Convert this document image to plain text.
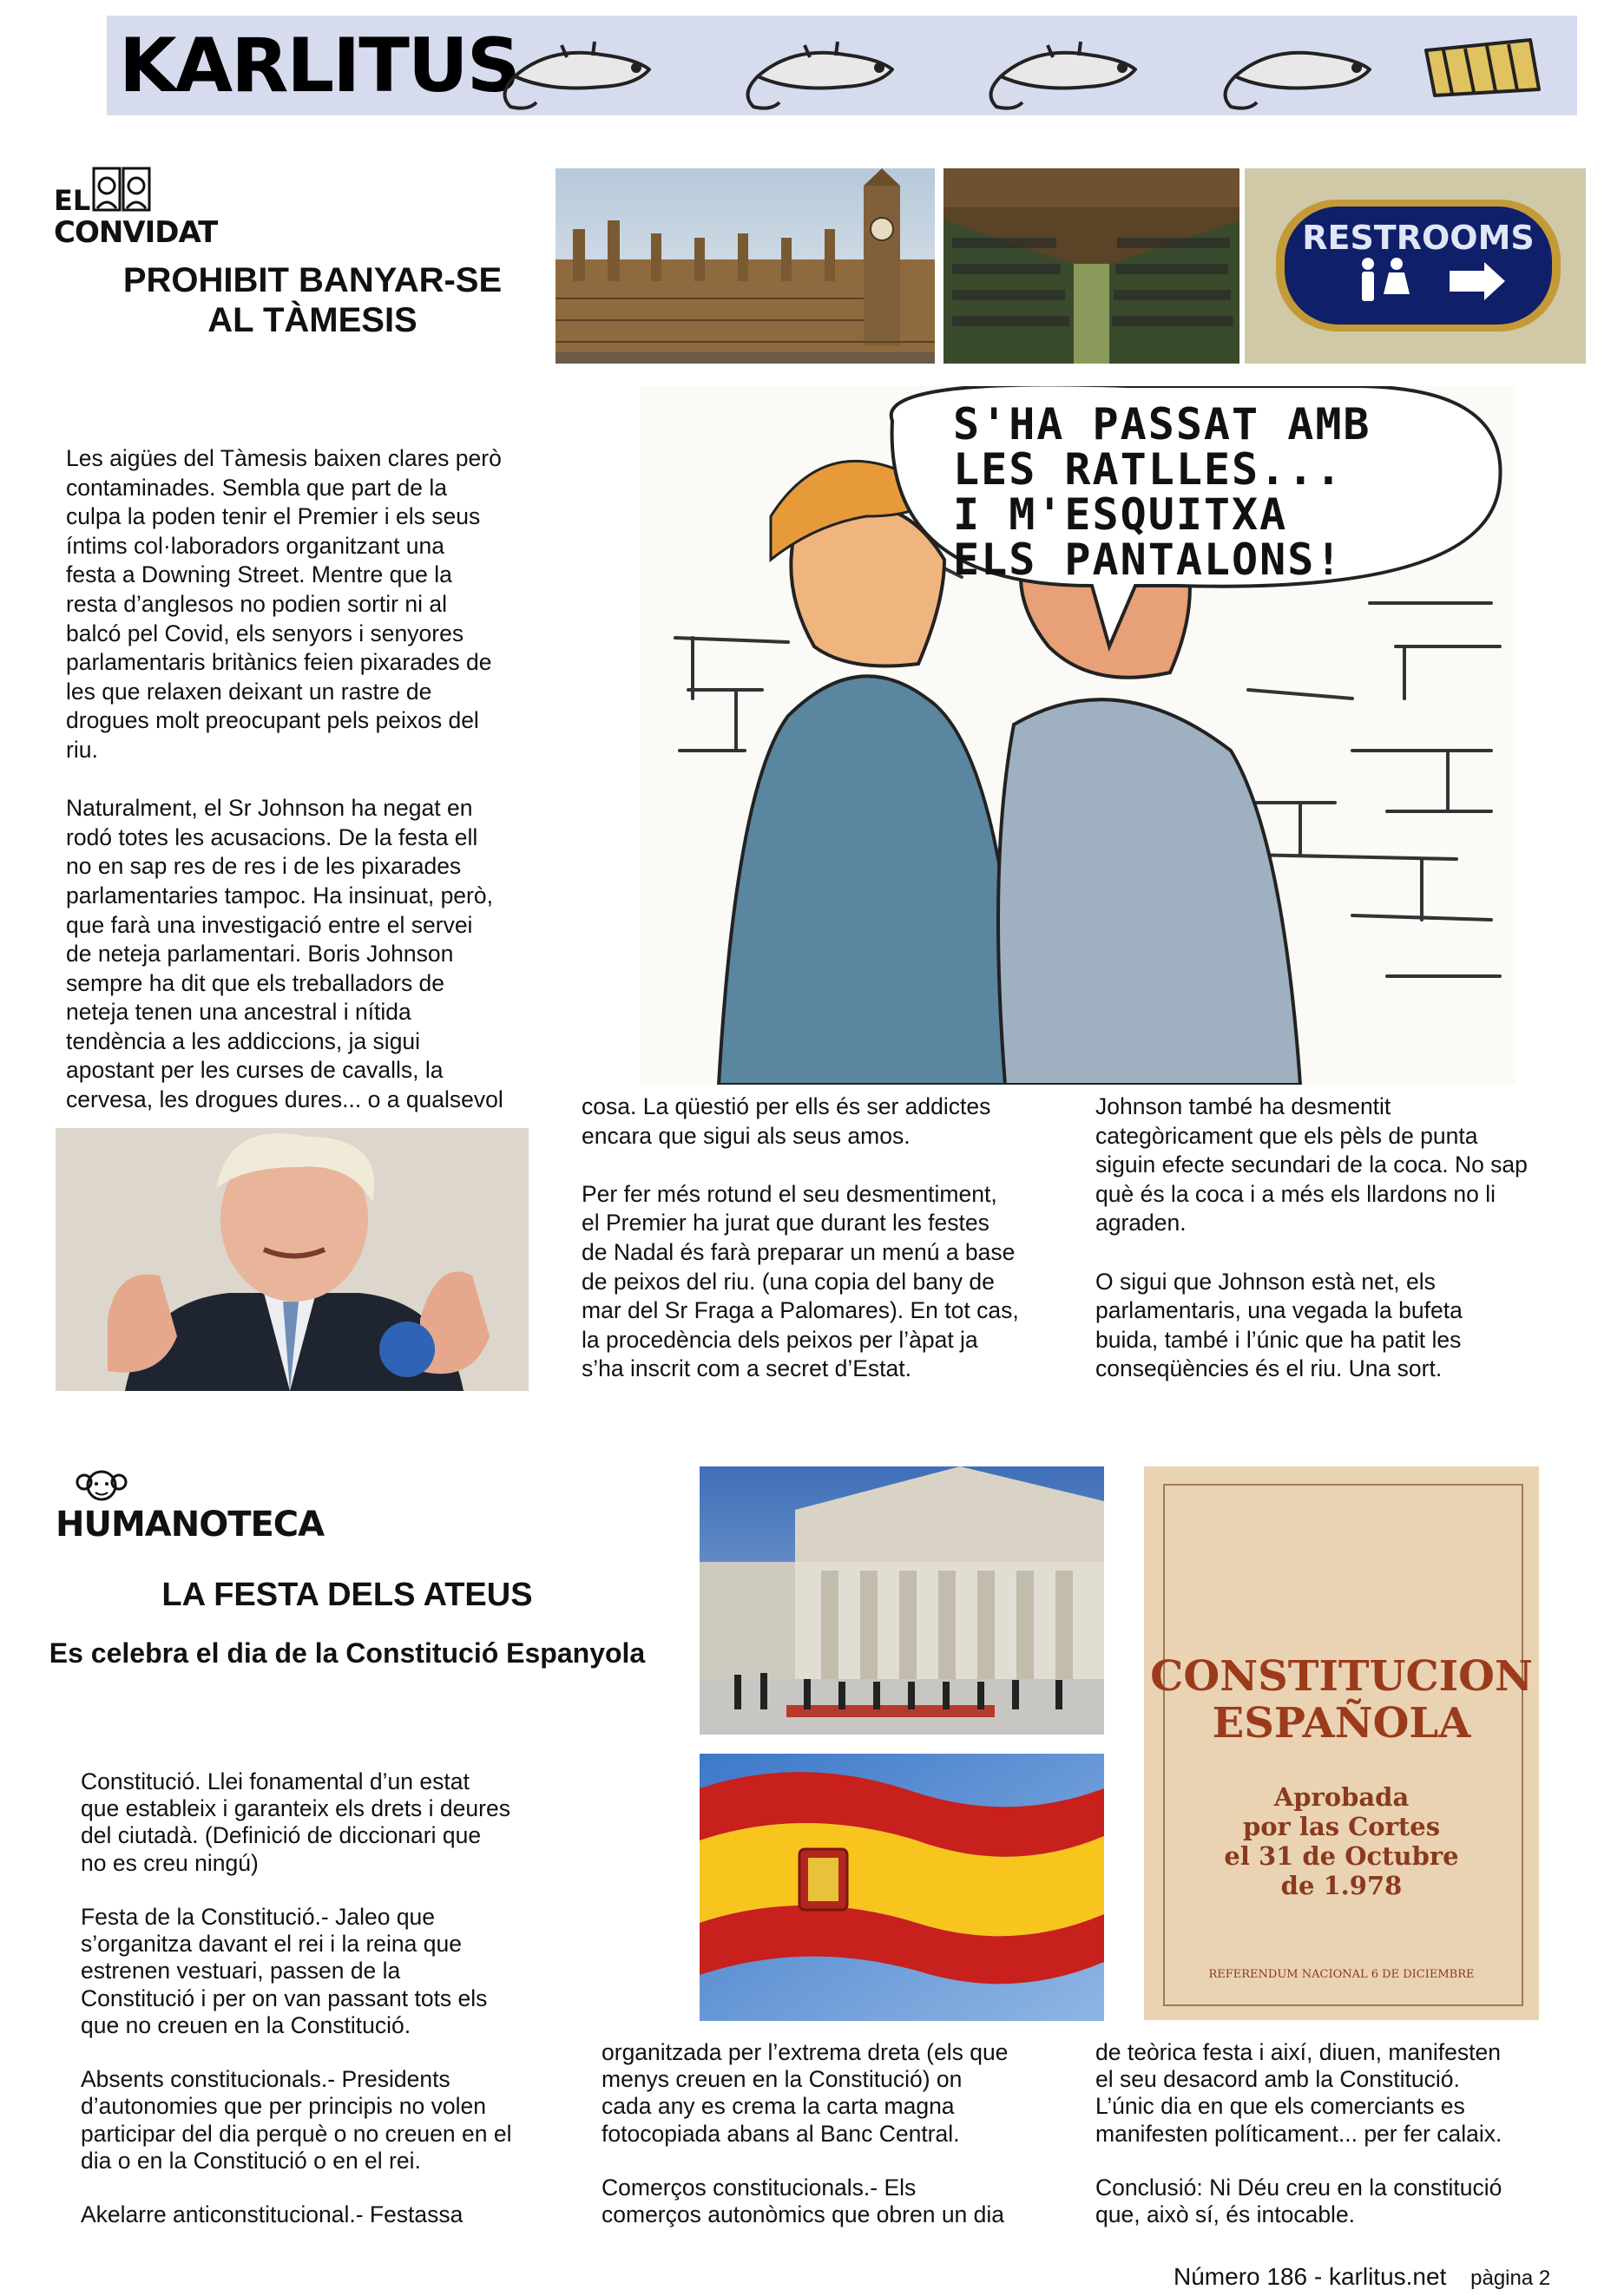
KARLITUS
EL
CONVIDAT
PROHIBIT BANYAR-SE
AL TÀMESIS
RESTROOMS
S'HA PASSAT AMB
LES RATLLES...
I M'ESQUITXA
ELS PANTALONS!
Les aigües del Tàmesis baixen clares però
contaminades. Sembla que part de la
culpa la poden tenir el Premier i els seus
íntims col·laboradors organitzant una
festa a Downing Street. Mentre que la
resta d’anglesos no podien sortir ni al
balcó pel Covid, els senyors i senyores
parlamentaris britànics feien pixarades de
les que relaxen deixant un rastre de
drogues molt preocupant pels peixos del
riu.

Naturalment, el Sr Johnson ha negat en
rodó totes les acusacions. De la festa ell
no en sap res de res i de les pixarades
parlamentaries tampoc. Ha insinuat, però,
que farà una investigació entre el servei
de neteja parlamentari. Boris Johnson
sempre ha dit que els treballadors de
neteja tenen una ancestral i nítida
tendència a les addiccions, ja sigui
apostant per les curses de cavalls, la
cervesa, les drogues dures... o a qualsevol	cosa. La qüestió per ells és ser addictes
encara que sigui als seus amos.

Per fer més rotund el seu desmentiment,
el Premier ha jurat que durant les festes
de Nadal és farà preparar un menú a base
de peixos del riu. (una copia del bany de
mar del Sr Fraga a Palomares). En tot cas,
la procedència dels peixos per l’àpat ja
s’ha inscrit com a secret d’Estat.
Johnson també ha desmentit
categòricament que els pèls de punta
siguin efecte secundari de la coca. No sap
què és la coca i a més els llardons no li
agraden.

O sigui que Johnson està net, els
parlamentaris, una vegada la bufeta
buida, també i l’únic que ha patit les
conseqüències és el riu. Una sort.
HUMANOTECA
LA FESTA DELS ATEUS
Es celebra el dia de la Constitució Espanyola	CONSTITUCION
ESPAÑOLA
Aprobada
por las Cortes
el 31 de Octubre
de 1.978
REFERENDUM NACIONAL 6 DE DICIEMBRE
Constitució. Llei fonamental d’un estat
que estableix i garanteix els drets i deures
del ciutadà. (Definició de diccionari que
no es creu ningú)

Festa de la Constitució.- Jaleo que
s’organitza davant el rei i la reina que
estrenen vestuari, passen de la
Constitució i per on van passant tots els
que no creuen en la Constitució.

Absents constitucionals.- Presidents
d’autonomies que per principis no volen
participar del dia perquè o no creuen en el
dia o en la Constitució o en el rei.

Akelarre anticonstitucional.- Festassa
organitzada per l’extrema dreta (els que
menys creuen en la Constitució) on
cada any es crema la carta magna
fotocopiada abans al Banc Central.

Comerços constitucionals.- Els
comerços autonòmics que obren un dia
de teòrica festa i així, diuen, manifesten
el seu desacord amb la Constitució.
L’únic dia en que els comerciants es
manifesten políticament... per fer calaix.

Conclusió: Ni Déu creu en la constitució
que, això sí, és intocable.
Número 186 - karlitus.net pàgina 2
